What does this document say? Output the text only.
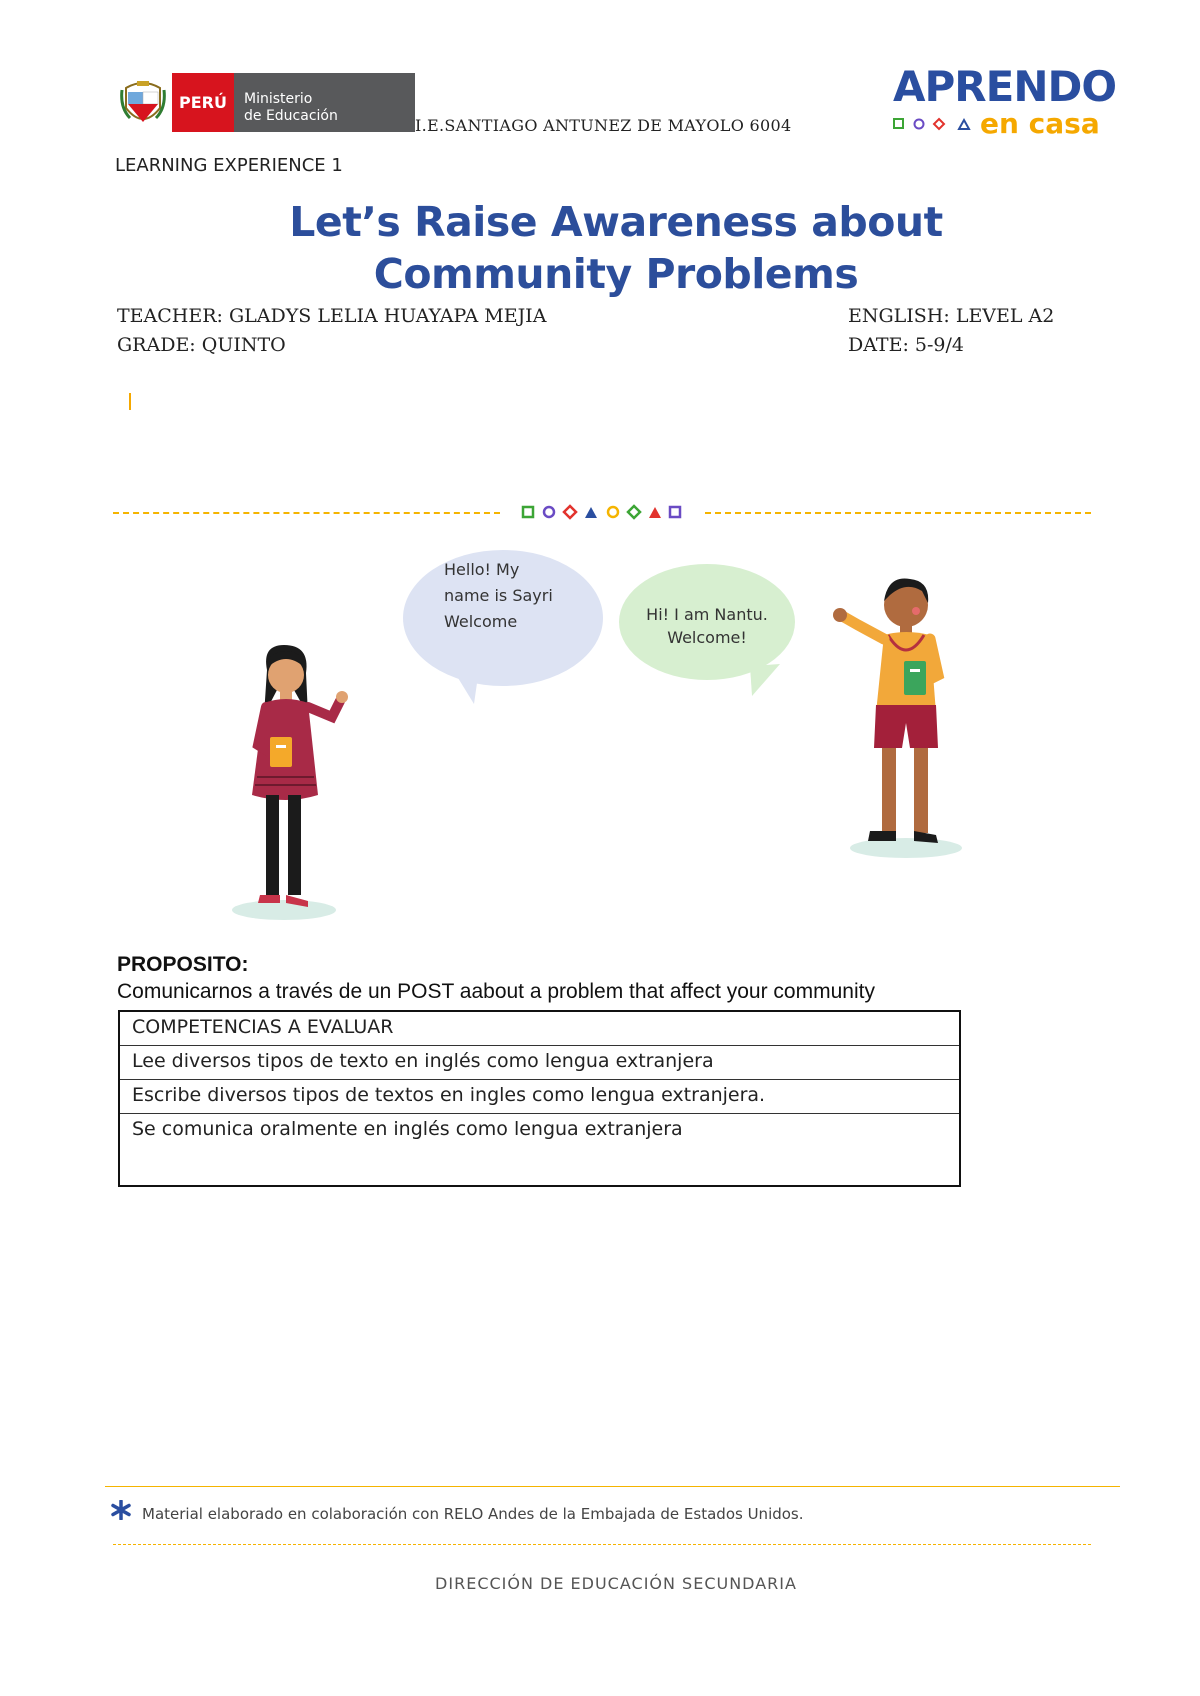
PERÚ	Ministerio
de Educación	I.E.SANTIAGO ANTUNEZ DE MAYOLO 6004
APRENDO
en casa
LEARNING EXPERIENCE 1
Let’s Raise Awareness about
Community Problems
TEACHER: GLADYS LELIA HUAYAPA MEJIA	ENGLISH: LEVEL A2
GRADE: QUINTO	DATE: 5-9/4
Hello! My
name is Sayri
Welcome	Hi! I am Nantu.
Welcome!
PROPOSITO:
Comunicarnos a través de un POST aabout a problem that affect your community
COMPETENCIAS A EVALUAR
Lee diversos tipos de texto en inglés como lengua extranjera
Escribe diversos tipos de textos en ingles como lengua extranjera.
Se comunica oralmente en inglés como lengua extranjera
Material elaborado en colaboración con RELO Andes de la Embajada de Estados Unidos.
DIRECCIÓN DE EDUCACIÓN SECUNDARIA
